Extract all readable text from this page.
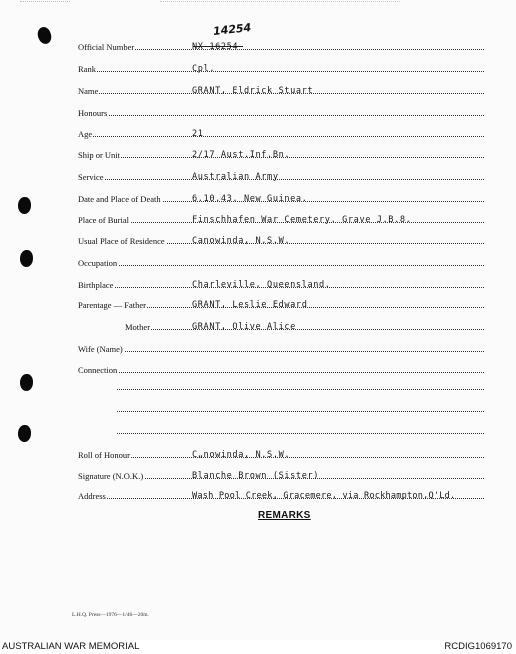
14254
Official Number	NX 16254
Rank	Cpl.
Name	GRANT, Eldrick Stuart
Honours
Age	21
Ship or Unit	2/17 Aust.Inf.Bn.
Service	Australian Army
Date and Place of Death	6.10.43. New Guinea.
Place of Burial	Finschhafen War Cemetery. Grave J.B.8.
Usual Place of Residence	Canowinda, N.S.W.
Occupation
Birthplace	Charleville, Queensland.
Parentage — Father	GRANT, Leslie Edward
Mother	GRANT, Olive Alice
Wife (Name)
Connection
Roll of Honour	C„nowinda, N.S.W.
Signature (N.O.K.)	Blanche Brown (Sister)
Address	Wash Pool Creek, Gracemere, via Rockhampton,Q'Ld.
REMARKS
L.H.Q. Press—1976—1/46—20m.
AUSTRALIAN WAR MEMORIAL	RCDIG1069170
